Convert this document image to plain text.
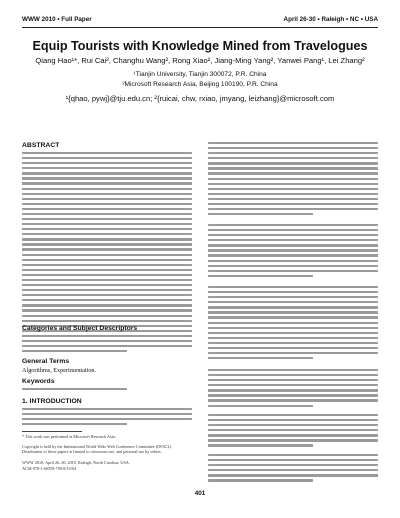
WWW 2010 • Full Paper	April 26-30 • Raleigh • NC • USA
Equip Tourists with Knowledge Mined from Travelogues
Qiang Hao¹*, Rui Cai², Changhu Wang², Rong Xiao², Jiang-Ming Yang², Yanwei Pang¹, Lei Zhang²
¹Tianjin University, Tianjin 300072, P.R. China
²Microsoft Research Asia, Beijing 100190, P.R. China
¹{qhao, pywj}@tju.edu.cn; ²{ruicai, chw, rxiao, jmyang, leizhang}@microsoft.com
ABSTRACT
Categories and Subject Descriptors
General Terms
Algorithms, Experimentation.
Keywords
1. INTRODUCTION
* This work was performed at Microsoft Research Asia.
Copyright is held by the International World Wide Web Conference Committee (IW3C2). Distribution of these papers is limited to classroom use, and personal use by others.
WWW 2010, April 26–30, 2010, Raleigh, North Carolina, USA.
ACM 978-1-60558-799-8/10/04.
401
